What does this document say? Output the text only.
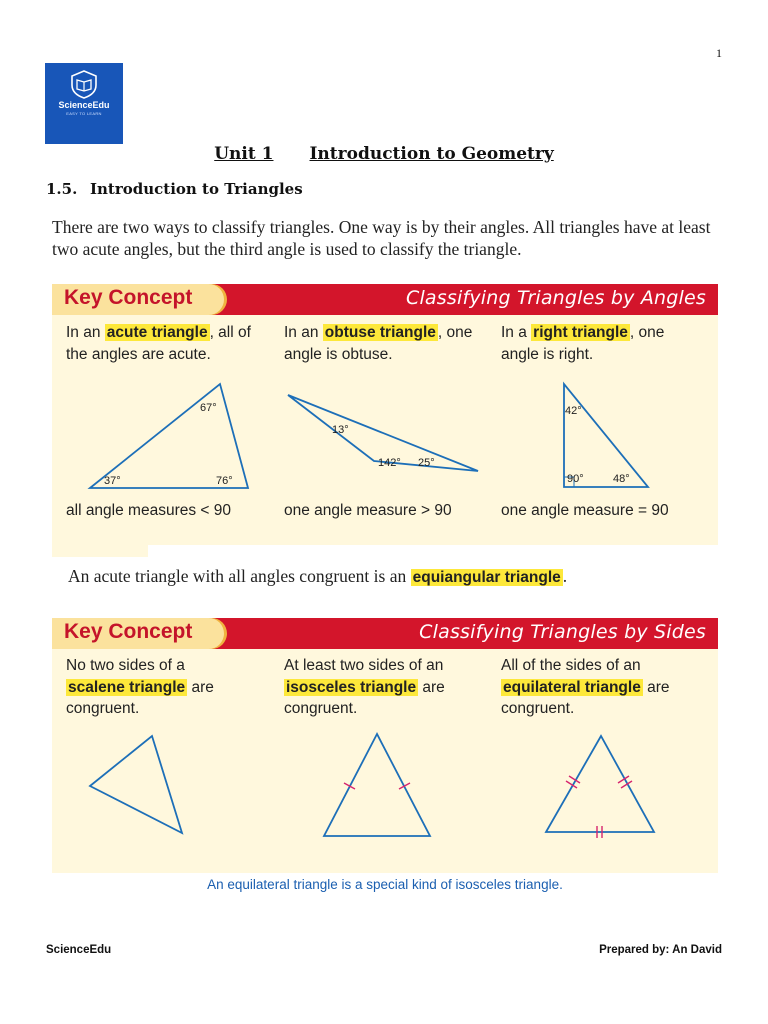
1
ScienceEdu
EASY TO LEARN
Unit 1 Introduction to Geometry
1.5. Introduction to Triangles
There are two ways to classify triangles. One way is by their angles. All triangles have at least two acute angles, but the third angle is used to classify the triangle.
Key Concept	Classifying Triangles by Angles
In an acute triangle , all of the angles are acute.
In an obtuse triangle , one angle is obtuse.
In a right triangle , one angle is right.
67°
37°	76°
13°
142° 25°
42°
90°	48°
all angle measures < 90	one angle measure > 90	one angle measure = 90
An acute triangle with all angles congruent is an equiangular triangle .
Key Concept	Classifying Triangles by Sides
No two sides of a scalene triangle are congruent.
At least two sides of an isosceles triangle are congruent.
All of the sides of an equilateral triangle are congruent.
An equilateral triangle is a special kind of isosceles triangle.
ScienceEdu	Prepared by: An David
